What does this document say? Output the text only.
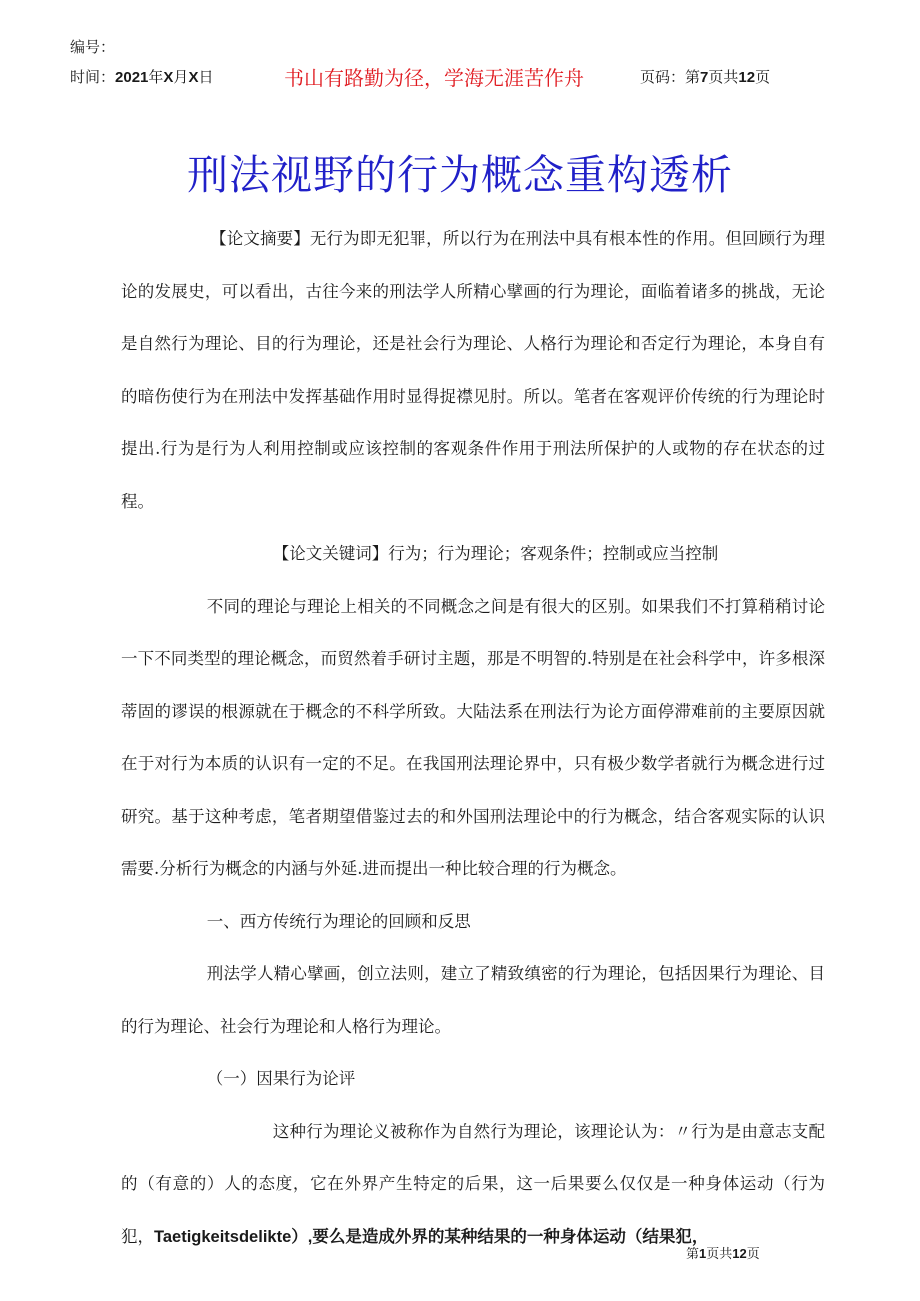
编号：
时间：2021年X月X日	书山有路勤为径，学海无涯苦作舟	页码：第7页共12页
刑法视野的行为概念重构透析

【论文摘要】无行为即无犯罪，所以行为在刑法中具有根本性的作用。但回顾行为理论的发展史，可以看出，古往今来的刑法学人所精心擘画的行为理论，面临着诸多的挑战，无论是自然行为理论、目的行为理论，还是社会行为理论、人格行为理论和否定行为理论，本身自有的暗伤使行为在刑法中发挥基础作用时显得捉襟见肘。所以。笔者在客观评价传统的行为理论时提出.行为是行为人利用控制或应该控制的客观条件作用于刑法所保护的人或物的存在状态的过程。

【论文关键词】行为；行为理论；客观条件；控制或应当控制

不同的理论与理论上相关的不同概念之间是有很大的区别。如果我们不打算稍稍讨论一下不同类型的理论概念，而贸然着手研讨主题，那是不明智的.特别是在社会科学中，许多根深蒂固的谬误的根源就在于概念的不科学所致。大陆法系在刑法行为论方面停滞难前的主要原因就在于对行为本质的认识有一定的不足。在我国刑法理论界中，只有极少数学者就行为概念进行过研究。基于这种考虑，笔者期望借鉴过去的和外国刑法理论中的行为概念，结合客观实际的认识需要.分析行为概念的内涵与外延.进而提出一种比较合理的行为概念。

一、西方传统行为理论的回顾和反思

刑法学人精心擘画，创立法则，建立了精致缜密的行为理论，包括因果行为理论、目的行为理论、社会行为理论和人格行为理论。

（一）因果行为论评

这种行为理论义被称作为自然行为理论，该理论认为：〃行为是由意志支配的（有意的）人的态度，它在外界产生特定的后果，这一后果要么仅仅是一种身体运动（行为犯，Taetigkeitsdelikte）,要么是造成外界的某种结果的一种身体运动（结果犯，

第1页共12页
